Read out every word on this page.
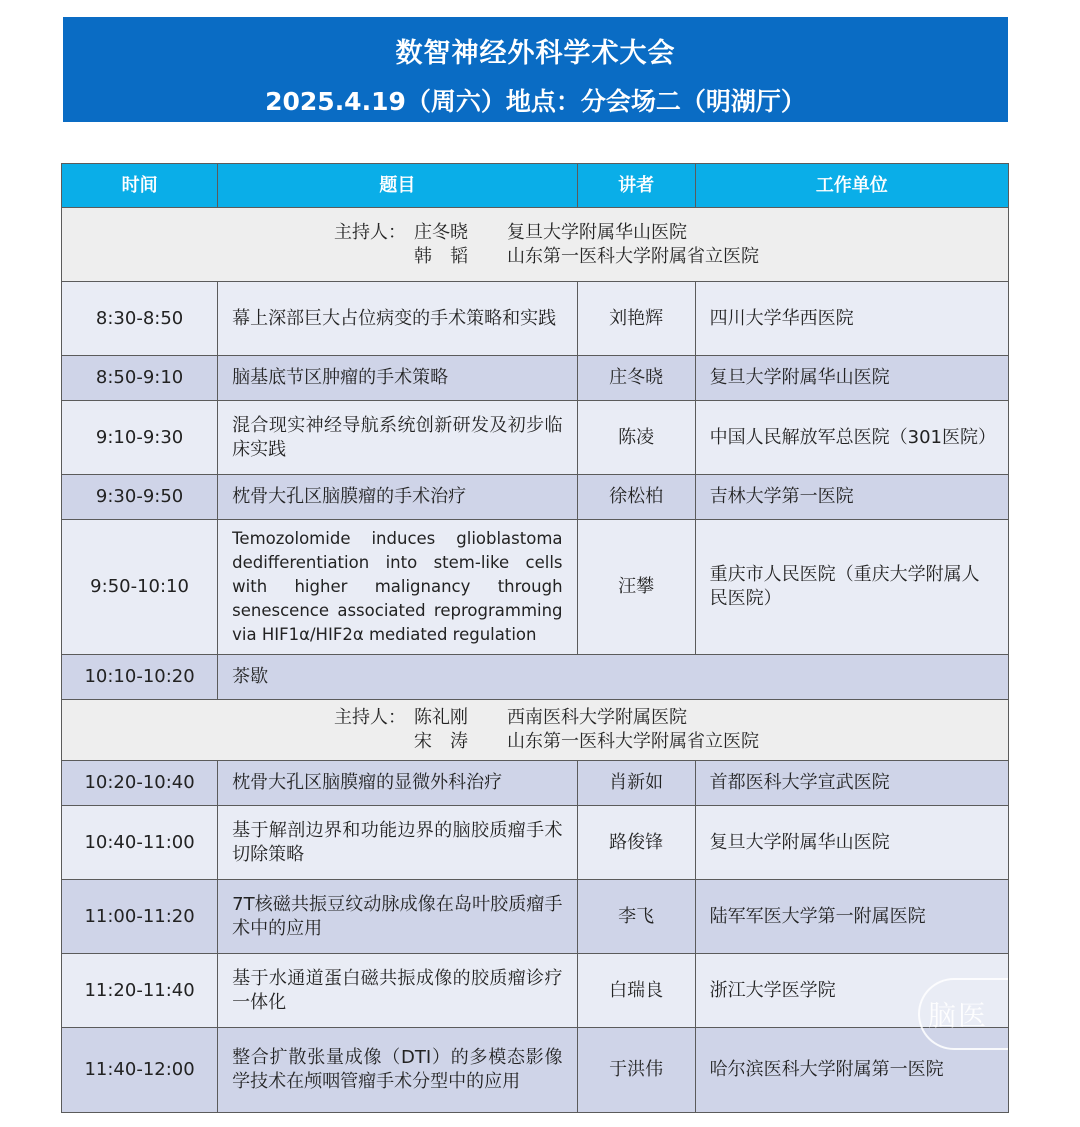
数智神经外科学术大会
2025.4.19（周六）地点：分会场二（明湖厅）
时间	题目	讲者	工作单位

主持人： 庄冬晓 复旦大学附属华山医院
韩　韬 山东第一医科大学附属省立医院			

8:30-8:50	幕上深部巨大占位病变的手术策略和实践	刘艳辉	四川大学华西医院
8:50-9:10	脑基底节区肿瘤的手术策略	庄冬晓	复旦大学附属华山医院
9:10-9:30	混合现实神经导航系统创新研发及初步临床实践	陈凌	中国人民解放军总医院（301医院）
9:30-9:50	枕骨大孔区脑膜瘤的手术治疗	徐松柏	吉林大学第一医院
9:50-10:10	Temozolomide induces glioblastoma dedifferentiation into stem-like cells with higher malignancy through senescence associated reprogramming via HIF1α/HIF2α mediated regulation	汪攀	重庆市人民医院（重庆大学附属人民医院）
10:10-10:20	茶歇		

主持人： 陈礼刚 西南医科大学附属医院
宋　涛 山东第一医科大学附属省立医院			

10:20-10:40	枕骨大孔区脑膜瘤的显微外科治疗	肖新如	首都医科大学宣武医院
10:40-11:00	基于解剖边界和功能边界的脑胶质瘤手术切除策略	路俊锋	复旦大学附属华山医院
11:00-11:20	7T核磁共振豆纹动脉成像在岛叶胶质瘤手术中的应用	李飞	陆军军医大学第一附属医院
11:20-11:40	基于水通道蛋白磁共振成像的胶质瘤诊疗一体化	白瑞良	浙江大学医学院
11:40-12:00	整合扩散张量成像（DTI）的多模态影像学技术在颅咽管瘤手术分型中的应用	于洪伟	哈尔滨医科大学附属第一医院
脑医
